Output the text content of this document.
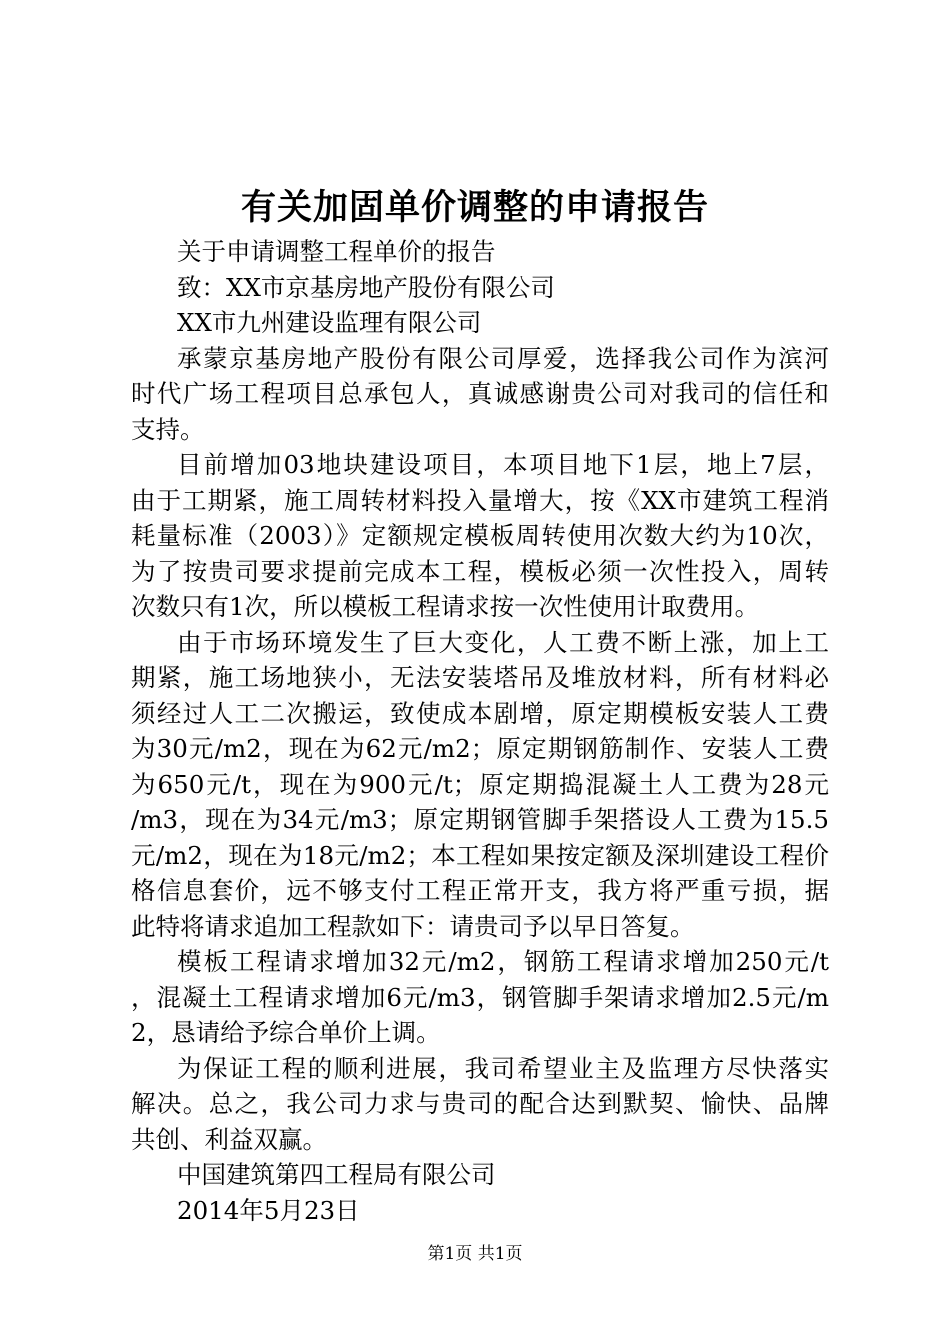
有关加固单价调整的申请报告
关于申请调整工程单价的报告
致：XX市京基房地产股份有限公司
XX市九州建设监理有限公司
承蒙京基房地产股份有限公司厚爱，选择我公司作为滨河
时代广场工程项目总承包人，真诚感谢贵公司对我司的信任和
支持。
目前增加03地块建设项目，本项目地下1层，地上7层，
由于工期紧，施工周转材料投入量增大，按《XX市建筑工程消
耗量标准（2003）》定额规定模板周转使用次数大约为10次，
为了按贵司要求提前完成本工程，模板必须一次性投入，周转
次数只有1次，所以模板工程请求按一次性使用计取费用。
由于市场环境发生了巨大变化，人工费不断上涨，加上工
期紧，施工场地狭小，无法安装塔吊及堆放材料，所有材料必
须经过人工二次搬运，致使成本剧增，原定期模板安装人工费
为30元/m2，现在为62元/m2；原定期钢筋制作、安装人工费
为650元/t，现在为900元/t；原定期捣混凝土人工费为28元
/m3，现在为34元/m3；原定期钢管脚手架搭设人工费为15.5
元/m2，现在为18元/m2；本工程如果按定额及深圳建设工程价
格信息套价，远不够支付工程正常开支，我方将严重亏损，据
此特将请求追加工程款如下：请贵司予以早日答复。
模板工程请求增加32元/m2，钢筋工程请求增加250元/t
，混凝土工程请求增加6元/m3，钢管脚手架请求增加2.5元/m
2，恳请给予综合单价上调。
为保证工程的顺利进展，我司希望业主及监理方尽快落实
解决。总之，我公司力求与贵司的配合达到默契、愉快、品牌
共创、利益双赢。
中国建筑第四工程局有限公司
2014年5月23日
第1页 共1页
